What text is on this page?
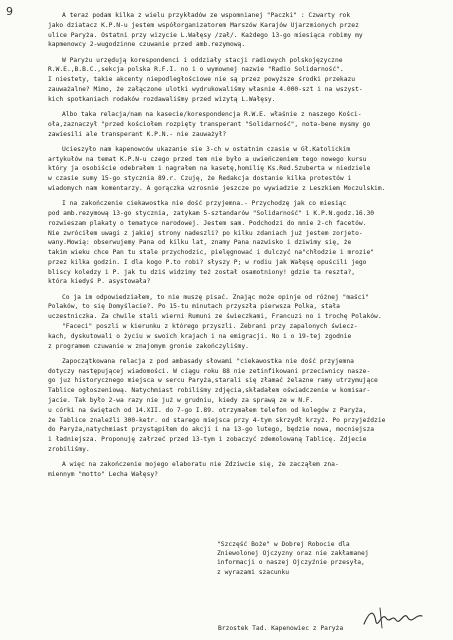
9	A teraz podam kilka z wielu przykładów ze wspomnianej "Paczki" : Czwarty rok
jako dziatacz K.P.N-u jestem współorganizatorem Marszów Karajów Ujarzmionych przez
ulice Paryża. Ostatni przy wizycie L.Wałęsy /zał/. Każdego 13-go miesiąca robimy my
kapmenowcy 2-wugodzinne czuwanie przed amb.rezymową.
W Paryżu urzędują korespondenci i oddziały stacji radiowych polskojęzyczne
R.W.E.,B.B.C.,sekcja polska R.F.I. no i o wymownej nazwie "Radio Solidarność".
I niestety, takie akcenty niepodległościowe nie są przez powyższe środki przekazu
zauważalne? Mimo, że załączone ulotki wydrukowaliśmy własnie 4.000-szt i na wszyst-
kich spotkaniach rodaków rozdawaliśmy przed wizytą L.Wałęsy.
Albo taka relacja/nam na kasecie/korespondencja R.W.E. właśnie z naszego Kości-
oła,zaznaczył "przed kościołem rozpięty transperant "Solidarność", nota-bene mysmy go
zawiesili ale transperant K.P.N.- nie zauważył?
Ucieszyło nam kapenowców ukazanie sie 3-ch w ostatnim czasie w Gł.Katolickim
artykułów na temat K.P.N-u czego przed tem nie było a uwieńczeniem tego nowego kursu
który ja osobiście odebrałem i nagrałem na kasetę,homilię Ks.Red.Szuberta w niedziele
w czasie sumy 15-go stycznia 89.r. Czuję, że Redakcja dostanie kilka protestów i
wiadomych nam komentarzy. A gorączka wzrosnie jeszcze po wywiadzie z Leszkiem Moczulskim.
I na zakończenie ciekawostka nie dość przyjemna.- Przychodzę jak co miesiąc
pod amb.rezymową 13-go stycznia, zatykam 5-sztandarów "Solidarność" i K.P.N.godz.16.30
rozwieszam plakaty o tematyce narodowej. Jestem sam. Podchodzi do mnie 2-ch facetów.
Nie zwróciłem uwagi z jakiej strony nadeszli? po kilku zdaniach już jestem zorjeto-
wany.Mowią: obserwujemy Pana od kilku lat, znamy Pana nazwisko i dziwimy się, że
takim wieku chce Pan tu stale przychodzic, pielęgnować i dulczyć na"chłodzie i mrozie"
przez kilka godzin. I dla kogo P.to robi? słyszy P; w rodiu jak Wałęsę opuścili jego
bliscy koledzy i P. jak tu dziś widzimy też został osamotniony! gdzie ta reszta?,
która kiedyś P. asystowała?
Co ja im odpowiedziałem, to nie muszę pisać. Znając może opinje od różnej "maści"
Polaków, to się Domyślacie?. Po 15-tu minutach przyszła pierwsza Polka, stała
uczestniczka. Za chwile stali wierni Rumuni ze świeczkami, Francuzi no i trochę Polaków.
"Faceci" poszli w kierunku z którego przyszli. Zebrani przy zapalonych świecz-
kach, dyskutowali o życiu w swoich krajach i na emigracji. No i o 19-tej zgodnie
z programem czuwanie w znajomym gronie zakończyliśmy.
Zapoczątkowana relacja z pod ambasady słowami "ciekawostka nie dość przyjemna
dotyczy następującej wiadomości. W ciągu roku 88 nie zetinfikowani przeciwnicy nasze-
go juz historycznego miejsca w sercu Paryża,starali się złamać żelazne ramy utrzymujące
Tablice ogłoszeniową. Natychmiast robiliśmy zdjęcia,składałem oświadczenie w komisar-
jacie. Tak było 2-wa razy nie już w grudniu, kiedy za sprawą ze w N.F.
u córki na świętach od 14.XII. do 7-go I.89. otrzymałem telefon od kolegów z Paryża,
że Tablice znaleźli 300-ketr. od starego miejsca przy 4-tym skrzydł krzyż. Po przyjeździe
do Paryża,natychmiast przystąpiłem do akcji i na 13-go lutego, będzie nowa, mocniejsza
i ładniejsza. Proponuję załrzeć przed 13-tym i zobaczyć zdemolowaną Tablicę. Zdjecie
zrobiliśmy.
A więc na zakończenie mojego elaboratu nie Zdziwcie się, że zacząłem zna-
miennym "motto" Lecha Wałęsy?
"Szczęść Boże" w Dobrej Robocie dla
Zniewolonej Ojczyzny oraz nie zakłamanej
informacji o naszej Ojczyźnie przesyła,
z wyrazami szacunku
Brzostek Tad. Kapenowiec z Paryża
